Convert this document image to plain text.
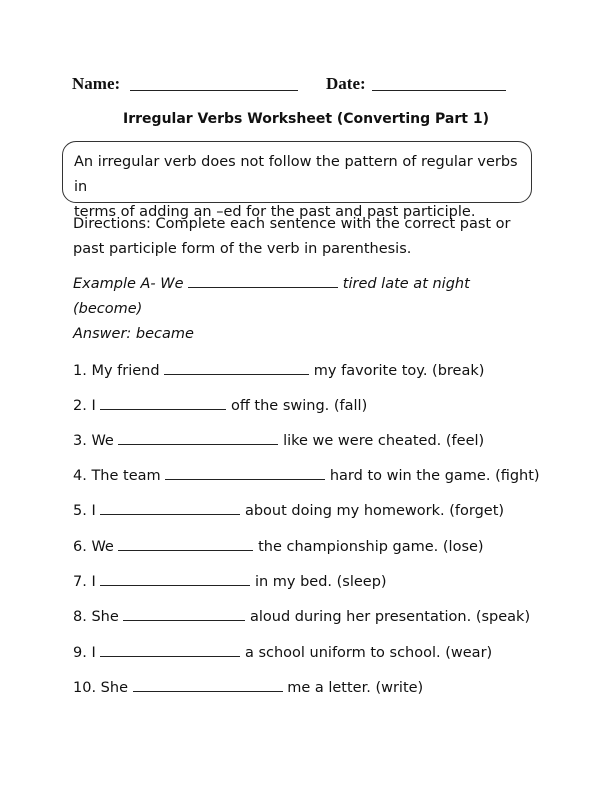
Name:	Date:
Irregular Verbs Worksheet (Converting Part 1)
An irregular verb does not follow the pattern of regular verbs in
terms of adding an –ed for the past and past participle.
Directions: Complete each sentence with the correct past or
past participle form of the verb in parenthesis.
Example A- We	tired late at night
(become)
Answer: became
1. My friend	my favorite toy. (break)
2. I	off the swing. (fall)
3. We	like we were cheated. (feel)
4. The team	hard to win the game. (fight)
5. I	about doing my homework. (forget)
6. We	the championship game. (lose)
7. I	in my bed. (sleep)
8. She	aloud during her presentation. (speak)
9. I	a school uniform to school. (wear)
10. She	me a letter. (write)
